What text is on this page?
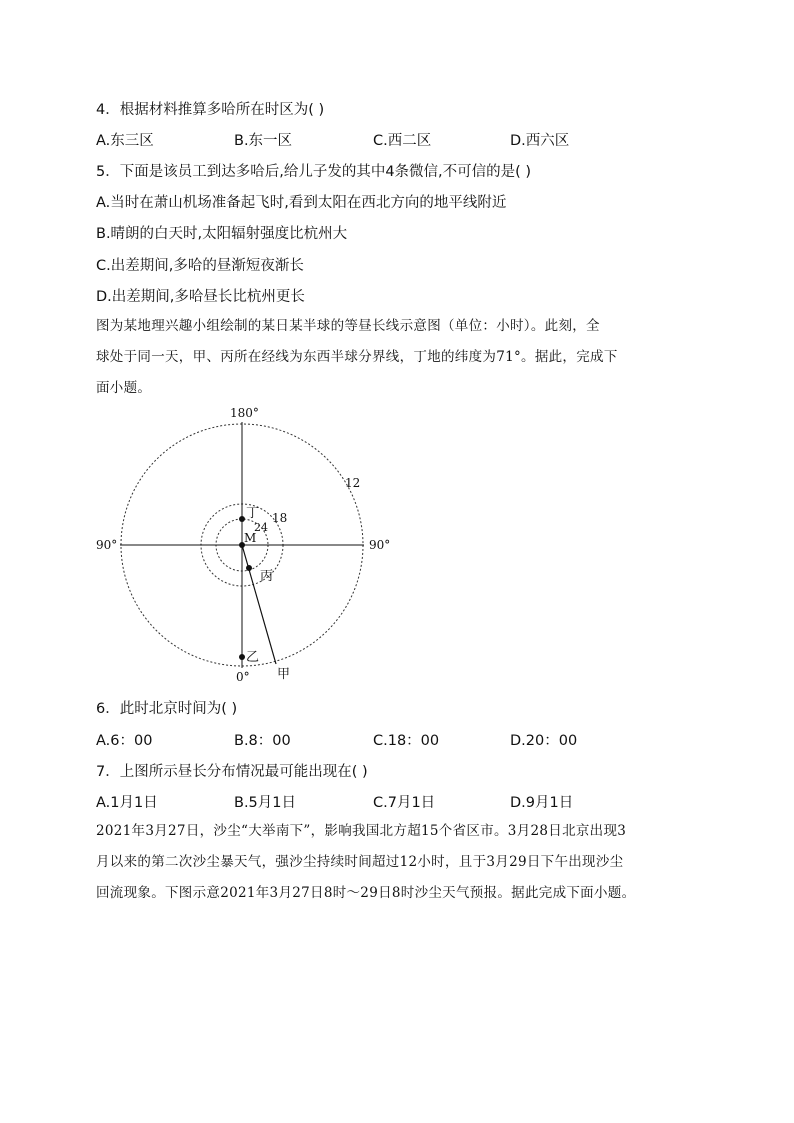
4．根据材料推算多哈所在时区为( )
A.东三区	B.东一区	C.西二区	D.西六区
5．下面是该员工到达多哈后,给儿子发的其中4条微信,不可信的是( )
A.当时在萧山机场准备起飞时,看到太阳在西北方向的地平线附近
B.晴朗的白天时,太阳辐射强度比杭州大
C.出差期间,多哈的昼渐短夜渐长
D.出差期间,多哈昼长比杭州更长
图为某地理兴趣小组绘制的某日某半球的等昼长线示意图（单位：小时）。此刻，全
球处于同一天，甲、丙所在经线为东西半球分界线，丁地的纬度为71°。据此，完成下
面小题。
180°
90°	90°
0°
12
18
24
M
丁
丙
乙
甲
6．此时北京时间为( )
A.6：00	B.8：00	C.18：00	D.20：00
7．上图所示昼长分布情况最可能出现在( )
A.1月1日	B.5月1日	C.7月1日	D.9月1日
2021年3月27日，沙尘“大举南下”，影响我国北方超15个省区市。3月28日北京出现3
月以来的第二次沙尘暴天气，强沙尘持续时间超过12小时，且于3月29日下午出现沙尘
回流现象。下图示意2021年3月27日8时～29日8时沙尘天气预报。据此完成下面小题。
